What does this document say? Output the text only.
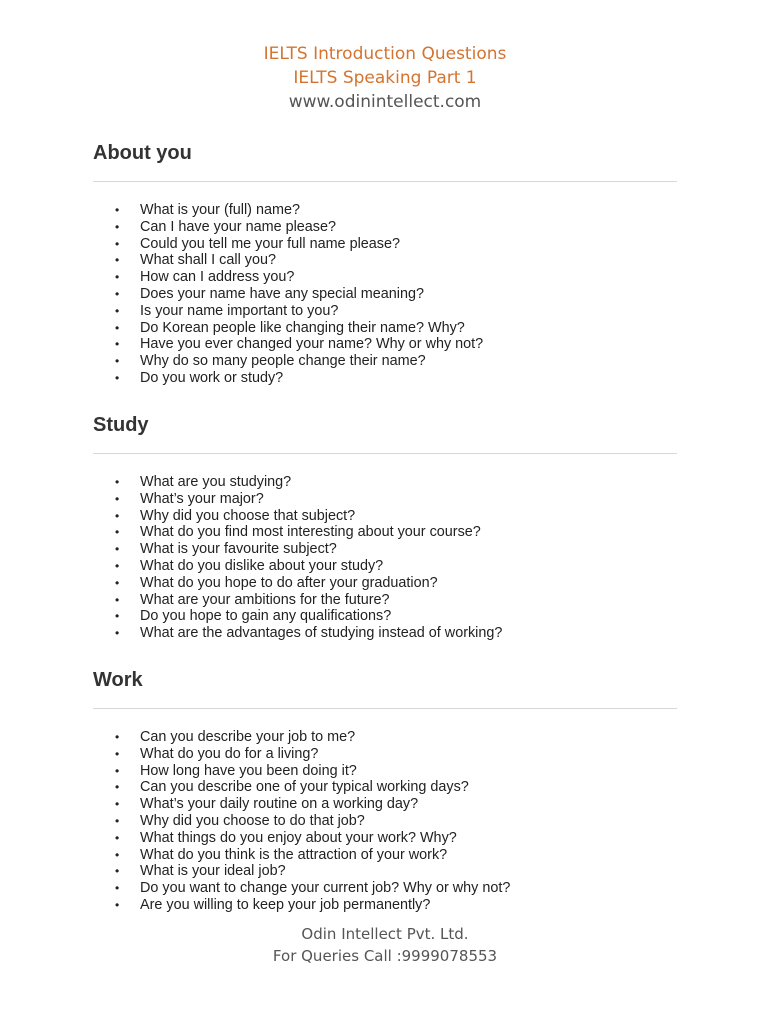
IELTS Introduction Questions
IELTS Speaking Part 1
www.odinintellect.com
About you
• What is your (full) name?
• Can I have your name please?
• Could you tell me your full name please?
• What shall I call you?
• How can I address you?
• Does your name have any special meaning?
• Is your name important to you?
• Do Korean people like changing their name? Why?
• Have you ever changed your name? Why or why not?
• Why do so many people change their name?
• Do you work or study?
Study
• What are you studying?
• What’s your major?
• Why did you choose that subject?
• What do you find most interesting about your course?
• What is your favourite subject?
• What do you dislike about your study?
• What do you hope to do after your graduation?
• What are your ambitions for the future?
• Do you hope to gain any qualifications?
• What are the advantages of studying instead of working?
Work
• Can you describe your job to me?
• What do you do for a living?
• How long have you been doing it?
• Can you describe one of your typical working days?
• What’s your daily routine on a working day?
• Why did you choose to do that job?
• What things do you enjoy about your work? Why?
• What do you think is the attraction of your work?
• What is your ideal job?
• Do you want to change your current job? Why or why not?
• Are you willing to keep your job permanently?
Odin Intellect Pvt. Ltd.
For Queries Call :9999078553
